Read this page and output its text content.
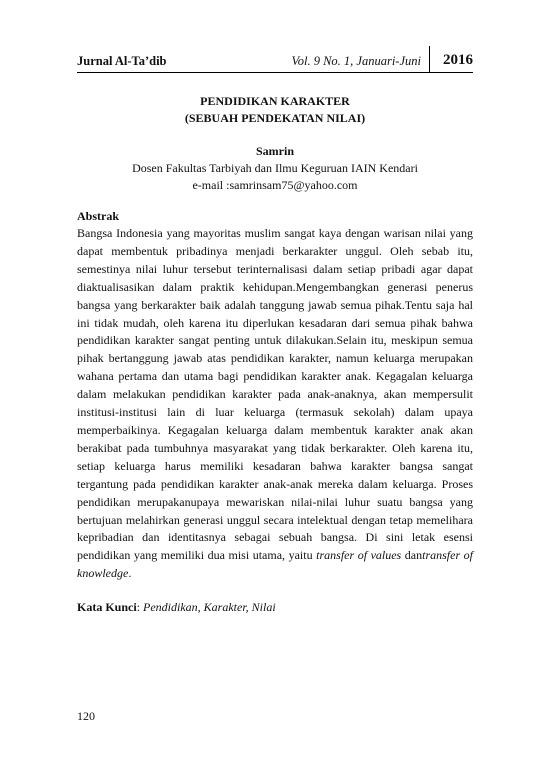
Jurnal Al-Ta’dib	Vol. 9 No. 1, Januari-Juni 2016
PENDIDIKAN KARAKTER
(SEBUAH PENDEKATAN NILAI)
Samrin
Dosen Fakultas Tarbiyah dan Ilmu Keguruan IAIN Kendari
e-mail :samrinsam75@yahoo.com
Abstrak

Bangsa Indonesia yang mayoritas muslim sangat kaya dengan warisan nilai yang dapat membentuk pribadinya menjadi berkarakter unggul. Oleh sebab itu, semestinya nilai luhur tersebut terinternalisasi dalam setiap pribadi agar dapat diaktualisasikan dalam praktik kehidupan.Mengembangkan generasi penerus bangsa yang berkarakter baik adalah tanggung jawab semua pihak.Tentu saja hal ini tidak mudah, oleh karena itu diperlukan kesadaran dari semua pihak bahwa pendidikan karakter sangat penting untuk dilakukan.Selain itu, meskipun semua pihak bertanggung jawab atas pendidikan karakter, namun keluarga merupakan wahana pertama dan utama bagi pendidikan karakter anak. Kegagalan keluarga dalam melakukan pendidikan karakter pada anak-anaknya, akan mempersulit institusi-institusi lain di luar keluarga (termasuk sekolah) dalam upaya memperbaikinya. Kegagalan keluarga dalam membentuk karakter anak akan berakibat pada tumbuhnya masyarakat yang tidak berkarakter. Oleh karena itu, setiap keluarga harus memiliki kesadaran bahwa karakter bangsa sangat tergantung pada pendidikan karakter anak-anak mereka dalam keluarga. Proses pendidikan merupakanupaya mewariskan nilai-nilai luhur suatu bangsa yang bertujuan melahirkan generasi unggul secara intelektual dengan tetap memelihara kepribadian dan identitasnya sebagai sebuah bangsa. Di sini letak esensi pendidikan yang memiliki dua misi utama, yaitu transfer of values dantransfer of knowledge.

Kata Kunci: Pendidikan, Karakter, Nilai
120
